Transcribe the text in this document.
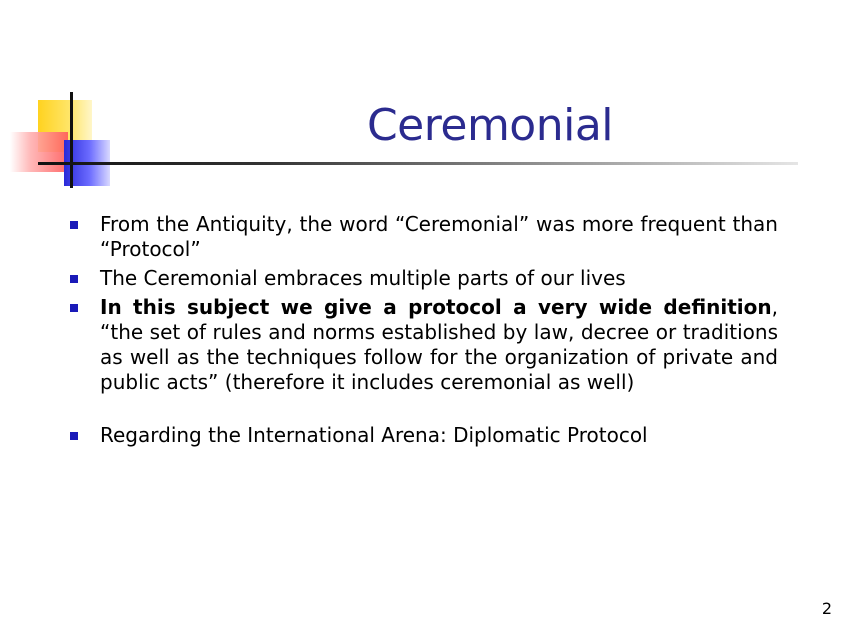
Ceremonial
From the Antiquity, the word “Ceremonial” was more frequent than “Protocol”
The Ceremonial embraces multiple parts of our lives
In this subject we give a protocol a very wide definition, “the set of rules and norms established by law, decree or traditions as well as the techniques follow for the organization of private and public acts” (therefore it includes ceremonial as well)
Regarding the International Arena: Diplomatic Protocol
2
